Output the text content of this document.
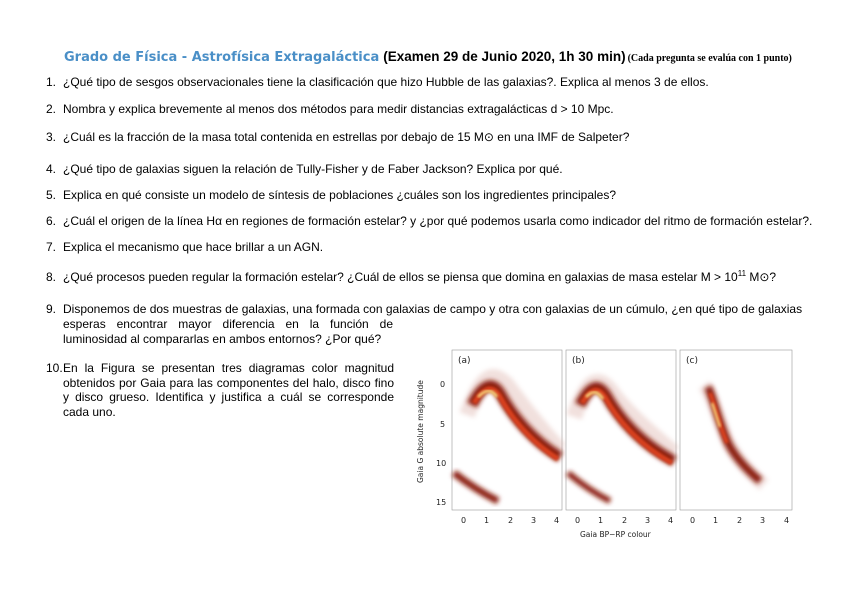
Grado de Física - Astrofísica Extragaláctica (Examen 29 de Junio 2020, 1h 30 min) (Cada pregunta se evalúa con 1 punto)
1. ¿Qué tipo de sesgos observacionales tiene la clasificación que hizo Hubble de las galaxias?. Explica al menos 3 de ellos.
2. Nombra y explica brevemente al menos dos métodos para medir distancias extragalácticas d > 10 Mpc.
3. ¿Cuál es la fracción de la masa total contenida en estrellas por debajo de 15 M⊙ en una IMF de Salpeter?
4. ¿Qué tipo de galaxias siguen la relación de Tully-Fisher y de Faber Jackson? Explica por qué.
5. Explica en qué consiste un modelo de síntesis de poblaciones ¿cuáles son los ingredientes principales?
6. ¿Cuál el origen de la línea Hα en regiones de formación estelar? y ¿por qué podemos usarla como indicador del ritmo de formación estelar?.
7. Explica el mecanismo que hace brillar a un AGN.
8. ¿Qué procesos pueden regular la formación estelar? ¿Cuál de ellos se piensa que domina en galaxias de masa estelar $M > 10^{11}$ M⊙?
9. Disponemos de dos muestras de galaxias, una formada con galaxias de campo y otra con galaxias de un cúmulo, ¿en qué tipo de galaxias
esperas encontrar mayor diferencia en la función de luminosidad al compararlas en ambos entornos? ¿Por qué?
10. En la Figura se presentan tres diagramas color magnitud obtenidos por Gaia para las componentes del halo, disco fino y disco grueso. Identifica y justifica a cuál se corresponde cada uno.
(a)	(b)	(c)
0
5
10
15
Gaia G absolute magnitude
0 1 2 3 4 0 1 2 3 4 0 1 2 3 4
Gaia BP−RP colour
